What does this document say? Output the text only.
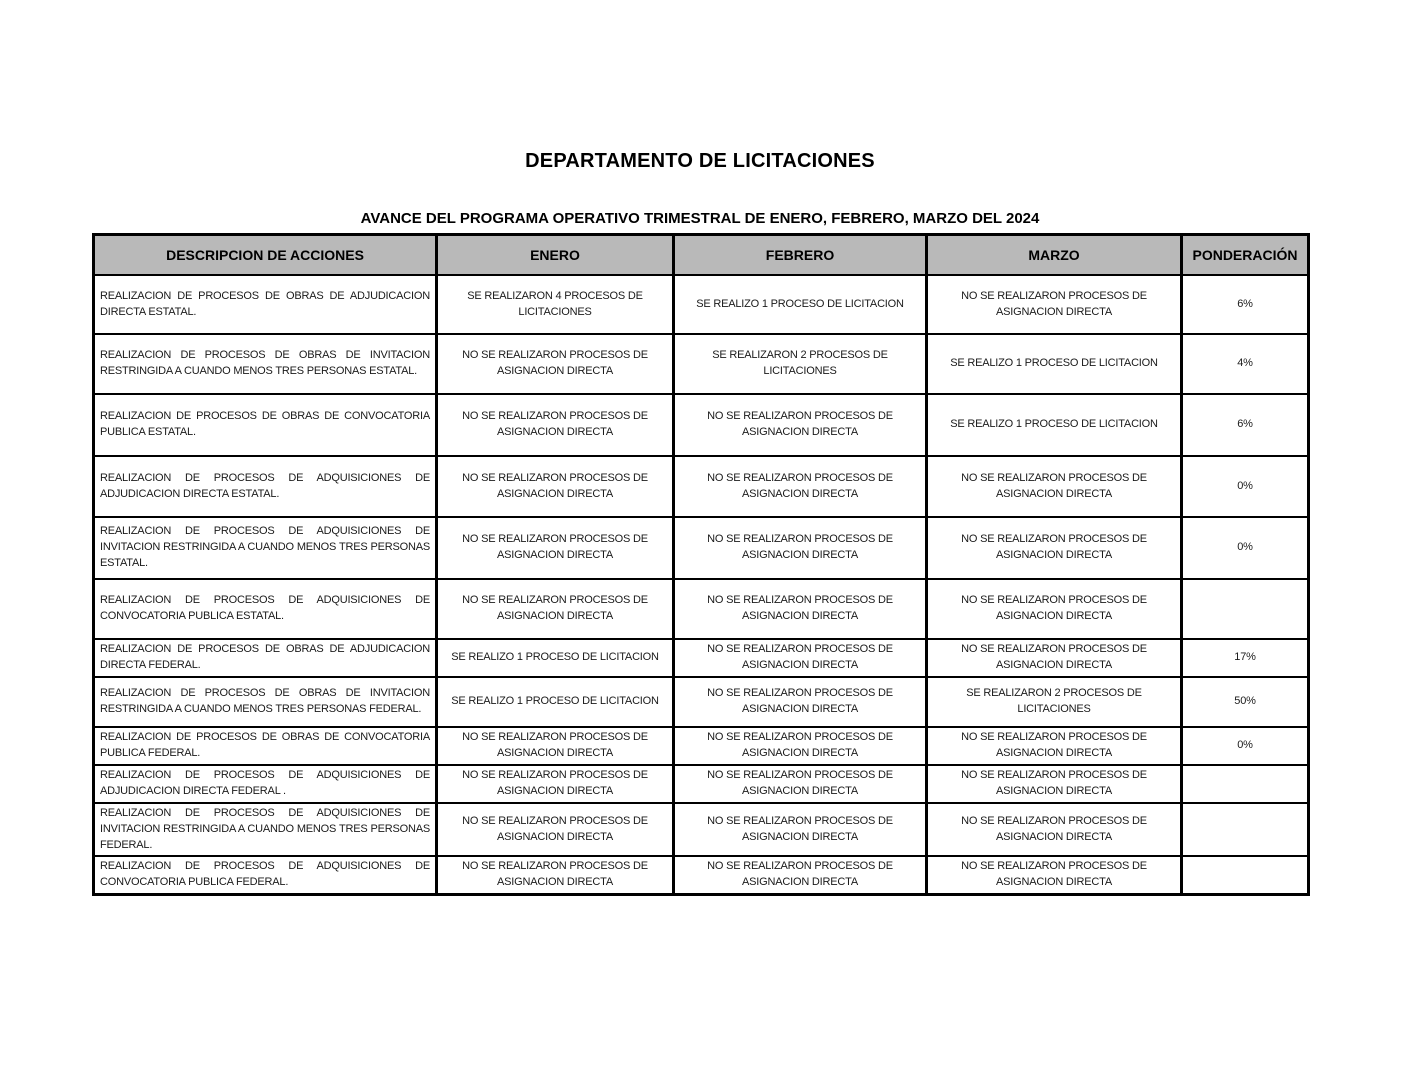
DEPARTAMENTO DE LICITACIONES
AVANCE DEL PROGRAMA OPERATIVO TRIMESTRAL DE ENERO, FEBRERO, MARZO DEL 2024
DESCRIPCION DE ACCIONES	ENERO	FEBRERO	MARZO	PONDERACIÓN
REALIZACION DE PROCESOS DE OBRAS DE ADJUDICACION DIRECTA ESTATAL.	SE REALIZARON 4 PROCESOS DE LICITACIONES	SE REALIZO 1 PROCESO DE LICITACION	NO SE REALIZARON PROCESOS DE ASIGNACION DIRECTA	6%
REALIZACION DE PROCESOS DE OBRAS DE INVITACION RESTRINGIDA A CUANDO MENOS TRES PERSONAS ESTATAL.	NO SE REALIZARON PROCESOS DE ASIGNACION DIRECTA	SE REALIZARON 2 PROCESOS DE LICITACIONES	SE REALIZO 1 PROCESO DE LICITACION	4%
REALIZACION DE PROCESOS DE OBRAS DE CONVOCATORIA PUBLICA ESTATAL.	NO SE REALIZARON PROCESOS DE ASIGNACION DIRECTA	NO SE REALIZARON PROCESOS DE ASIGNACION DIRECTA	SE REALIZO 1 PROCESO DE LICITACION	6%
REALIZACION DE PROCESOS DE ADQUISICIONES DE ADJUDICACION DIRECTA ESTATAL.	NO SE REALIZARON PROCESOS DE ASIGNACION DIRECTA	NO SE REALIZARON PROCESOS DE ASIGNACION DIRECTA	NO SE REALIZARON PROCESOS DE ASIGNACION DIRECTA	0%
REALIZACION DE PROCESOS DE ADQUISICIONES DE INVITACION RESTRINGIDA A CUANDO MENOS TRES PERSONAS ESTATAL.	NO SE REALIZARON PROCESOS DE ASIGNACION DIRECTA	NO SE REALIZARON PROCESOS DE ASIGNACION DIRECTA	NO SE REALIZARON PROCESOS DE ASIGNACION DIRECTA	0%
REALIZACION DE PROCESOS DE ADQUISICIONES DE CONVOCATORIA PUBLICA ESTATAL.	NO SE REALIZARON PROCESOS DE ASIGNACION DIRECTA	NO SE REALIZARON PROCESOS DE ASIGNACION DIRECTA	NO SE REALIZARON PROCESOS DE ASIGNACION DIRECTA	
REALIZACION DE PROCESOS DE OBRAS DE ADJUDICACION DIRECTA FEDERAL.	SE REALIZO 1 PROCESO DE LICITACION	NO SE REALIZARON PROCESOS DE ASIGNACION DIRECTA	NO SE REALIZARON PROCESOS DE ASIGNACION DIRECTA	17%
REALIZACION DE PROCESOS DE OBRAS DE INVITACION RESTRINGIDA A CUANDO MENOS TRES PERSONAS FEDERAL.	SE REALIZO 1 PROCESO DE LICITACION	NO SE REALIZARON PROCESOS DE ASIGNACION DIRECTA	SE REALIZARON 2 PROCESOS DE LICITACIONES	50%
REALIZACION DE PROCESOS DE OBRAS DE CONVOCATORIA PUBLICA FEDERAL.	NO SE REALIZARON PROCESOS DE ASIGNACION DIRECTA	NO SE REALIZARON PROCESOS DE ASIGNACION DIRECTA	NO SE REALIZARON PROCESOS DE ASIGNACION DIRECTA	0%
REALIZACION DE PROCESOS DE ADQUISICIONES DE ADJUDICACION DIRECTA FEDERAL .	NO SE REALIZARON PROCESOS DE ASIGNACION DIRECTA	NO SE REALIZARON PROCESOS DE ASIGNACION DIRECTA	NO SE REALIZARON PROCESOS DE ASIGNACION DIRECTA	
REALIZACION DE PROCESOS DE ADQUISICIONES DE INVITACION RESTRINGIDA A CUANDO MENOS TRES PERSONAS FEDERAL.	NO SE REALIZARON PROCESOS DE ASIGNACION DIRECTA	NO SE REALIZARON PROCESOS DE ASIGNACION DIRECTA	NO SE REALIZARON PROCESOS DE ASIGNACION DIRECTA	
REALIZACION DE PROCESOS DE ADQUISICIONES DE CONVOCATORIA PUBLICA FEDERAL.	NO SE REALIZARON PROCESOS DE ASIGNACION DIRECTA	NO SE REALIZARON PROCESOS DE ASIGNACION DIRECTA	NO SE REALIZARON PROCESOS DE ASIGNACION DIRECTA	
